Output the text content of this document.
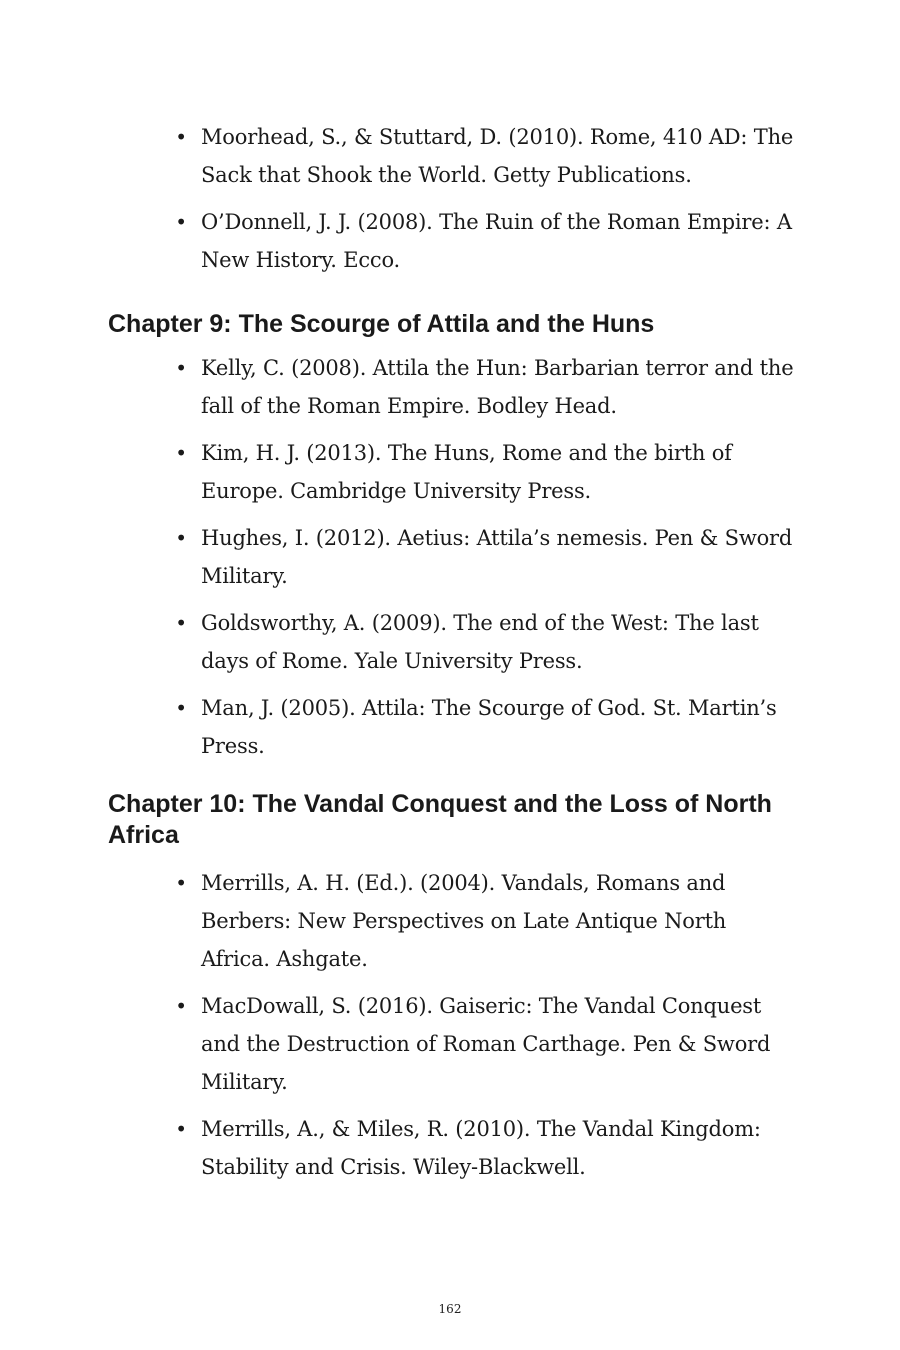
• Moorhead, S., & Stuttard, D. (2010). Rome, 410 AD: The Sack that Shook the World. Getty Publications.
• O’Donnell, J. J. (2008). The Ruin of the Roman Empire: A New History. Ecco.
Chapter 9: The Scourge of Attila and the Huns
• Kelly, C. (2008). Attila the Hun: Barbarian terror and the fall of the Roman Empire. Bodley Head.
• Kim, H. J. (2013). The Huns, Rome and the birth of Europe. Cambridge University Press.
• Hughes, I. (2012). Aetius: Attila’s nemesis. Pen & Sword Military.
• Goldsworthy, A. (2009). The end of the West: The last days of Rome. Yale University Press.
• Man, J. (2005). Attila: The Scourge of God. St. Martin’s Press.
Chapter 10: The Vandal Conquest and the Loss of North Africa
• Merrills, A. H. (Ed.). (2004). Vandals, Romans and Berbers: New Perspectives on Late Antique North Africa. Ashgate.
• MacDowall, S. (2016). Gaiseric: The Vandal Conquest and the Destruction of Roman Carthage. Pen & Sword Military.
• Merrills, A., & Miles, R. (2010). The Vandal Kingdom: Stability and Crisis. Wiley-Blackwell.
162
